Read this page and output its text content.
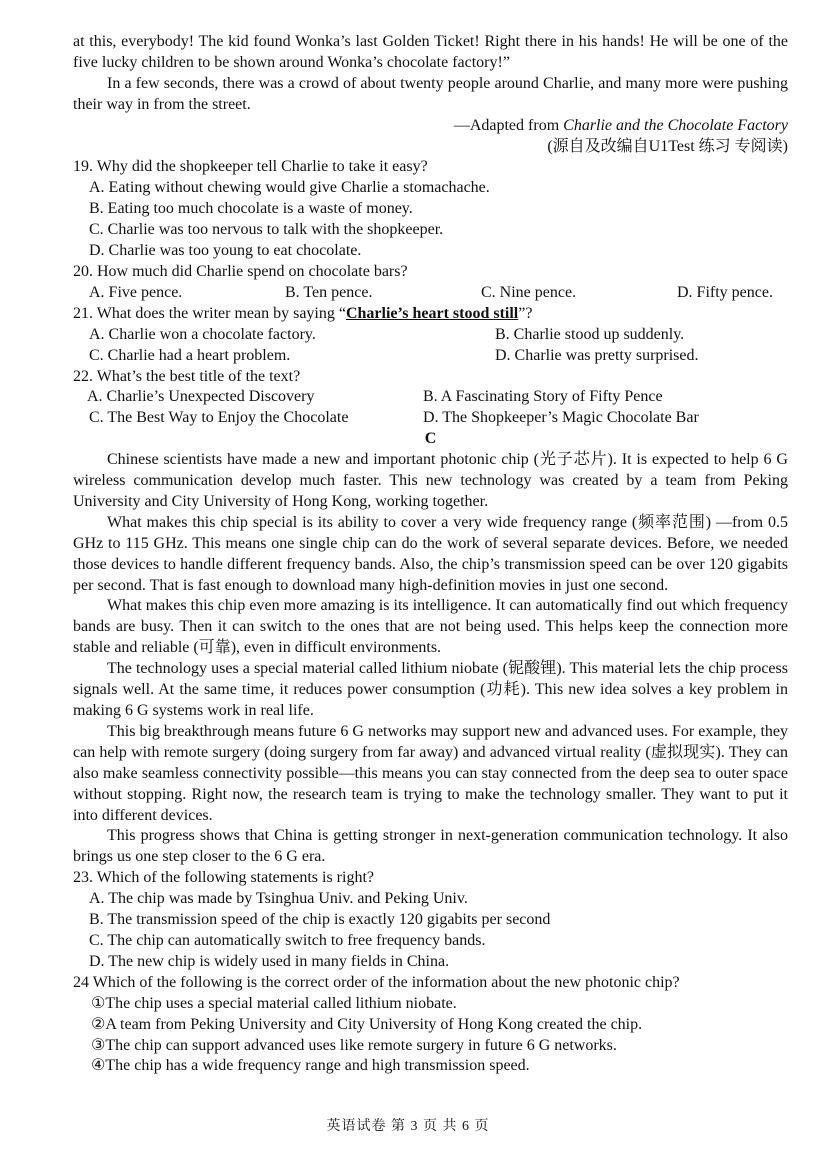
at this, everybody! The kid found Wonka’s last Golden Ticket! Right there in his hands! He will be one of the five lucky children to be shown around Wonka’s chocolate factory!”

In a few seconds, there was a crowd of about twenty people around Charlie, and many more were pushing their way in from the street.

—Adapted from Charlie and the Chocolate Factory

(源自及改编自U1Test 练习 专阅读)

19. Why did the shopkeeper tell Charlie to take it easy?

A. Eating without chewing would give Charlie a stomachache.

B. Eating too much chocolate is a waste of money.

C. Charlie was too nervous to talk with the shopkeeper.

D. Charlie was too young to eat chocolate.

20. How much did Charlie spend on chocolate bars?

A. Five pence.	B. Ten pence.	C. Nine pence.	D. Fifty pence.

21. What does the writer mean by saying “Charlie’s heart stood still”?

A. Charlie won a chocolate factory.	B. Charlie stood up suddenly.
C. Charlie had a heart problem.	D. Charlie was pretty surprised.

22. What’s the best title of the text?

A. Charlie’s Unexpected Discovery	B. A Fascinating Story of Fifty Pence
C. The Best Way to Enjoy the Chocolate	D. The Shopkeeper’s Magic Chocolate Bar

C

Chinese scientists have made a new and important photonic chip (光子芯片). It is expected to help 6 G wireless communication develop much faster. This new technology was created by a team from Peking University and City University of Hong Kong, working together.

What makes this chip special is its ability to cover a very wide frequency range (频率范围) —from 0.5 GHz to 115 GHz. This means one single chip can do the work of several separate devices. Before, we needed those devices to handle different frequency bands. Also, the chip’s transmission speed can be over 120 gigabits per second. That is fast enough to download many high-definition movies in just one second.

What makes this chip even more amazing is its intelligence. It can automatically find out which frequency bands are busy. Then it can switch to the ones that are not being used. This helps keep the connection more stable and reliable (可靠), even in difficult environments.

The technology uses a special material called lithium niobate (铌酸锂). This material lets the chip process signals well. At the same time, it reduces power consumption (功耗). This new idea solves a key problem in making 6 G systems work in real life.

This big breakthrough means future 6 G networks may support new and advanced uses. For example, they can help with remote surgery (doing surgery from far away) and advanced virtual reality (虚拟现实). They can also make seamless connectivity possible—this means you can stay connected from the deep sea to outer space without stopping. Right now, the research team is trying to make the technology smaller. They want to put it into different devices.

This progress shows that China is getting stronger in next-generation communication technology. It also brings us one step closer to the 6 G era.

23. Which of the following statements is right?

A. The chip was made by Tsinghua Univ. and Peking Univ.

B. The transmission speed of the chip is exactly 120 gigabits per second

C. The chip can automatically switch to free frequency bands.

D. The new chip is widely used in many fields in China.

24 Which of the following is the correct order of the information about the new photonic chip?

①The chip uses a special material called lithium niobate.

②A team from Peking University and City University of Hong Kong created the chip.

③The chip can support advanced uses like remote surgery in future 6 G networks.

④The chip has a wide frequency range and high transmission speed.

英语试卷 第 3 页 共 6 页
